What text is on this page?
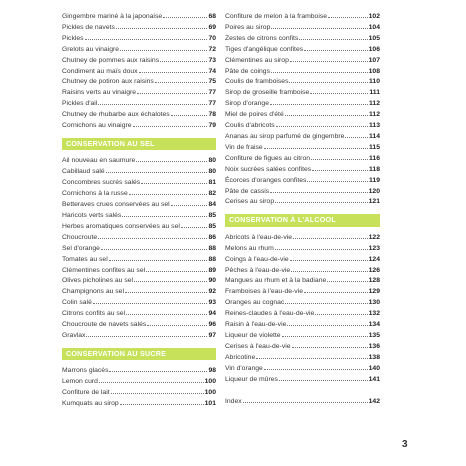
Gingembre mariné à la japonaise	68
Pickles de navets	69
Pickles	70
Grelots au vinaigre	72
Chutney de pommes aux raisins	73
Condiment au maïs doux	74
Chutney de potiron aux raisins	75
Raisins verts au vinaigre	77
Pickles d'ail	77
Chutney de rhubarbe aux échalotes	78
Cornichons au vinaigre	79
CONSERVATION AU SEL
Ail nouveau en saumure	80
Cabillaud salé	80
Concombres sucrés salés	81
Cornichons à la russe	82
Betteraves crues conservées au sel	84
Haricots verts salés	85
Herbes aromatiques conservées au sel	85
Choucroute	86
Sel d'orange	88
Tomates au sel	88
Clémentines confites au sel	89
Olives picholines au sel	90
Champignons au sel	92
Colin salé	93
Citrons confits au sel	94
Choucroute de navets salés	96
Gravlax	97
CONSERVATION AU SUCRE
Marrons glacés	98
Lemon curd	100
Confiture de lait	100
Kumquats au sirop	101
Confiture de melon à la framboise	102
Poires au sirop	104
Zestes de citrons confits	105
Tiges d'angélique confites	106
Clémentines au sirop	107
Pâte de coings	108
Coulis de framboises	110
Sirop de groseille framboise	111
Sirop d'orange	112
Miel de poires d'été	112
Coulis d'abricots	113
Ananas au sirop parfumé de gingembre	114
Vin de fraise	115
Confiture de figues au citron	116
Noix sucrées salées confites	118
Écorces d'oranges confites	119
Pâte de cassis	120
Cerises au sirop	121
CONSERVATION À L'ALCOOL
Abricots à l'eau-de-vie	122
Melons au rhum	123
Coings à l'eau-de-vie	124
Pêches à l'eau-de-vie	126
Mangues au rhum et à la badiane	128
Framboises à l'eau-de-vie	129
Oranges au cognac	130
Reines-claudes à l'eau-de-vie	132
Raisin à l'eau-de-vie	134
Liqueur de violette	135
Cerises à l'eau-de-vie	136
Abricotine	138
Vin d'orange	140
Liqueur de mûres	141
Index	142
3
